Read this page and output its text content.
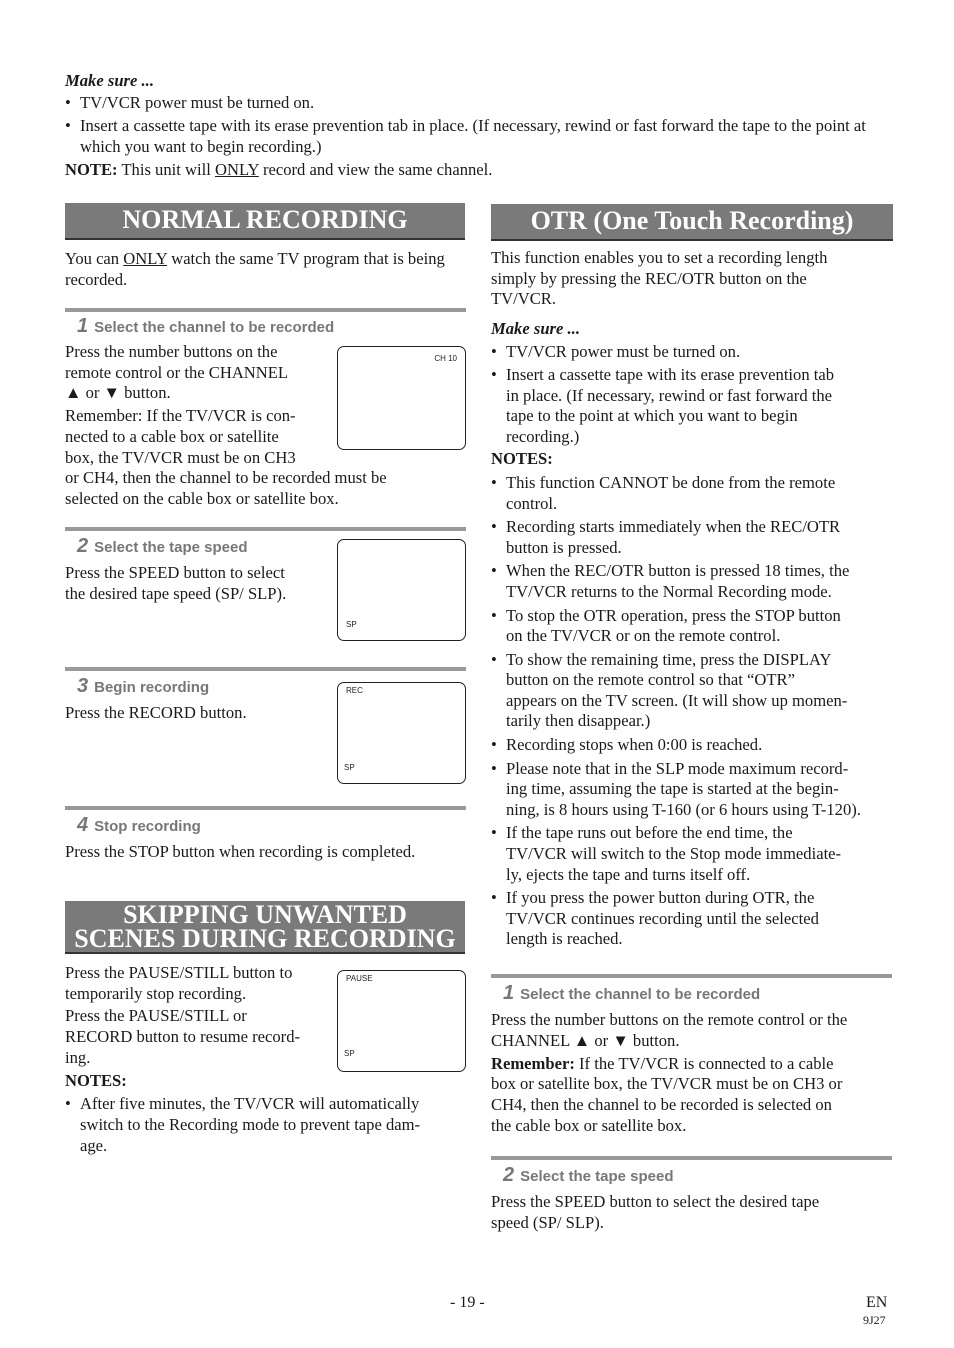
Make sure ...
• TV/VCR power must be turned on.
• Insert a cassette tape with its erase prevention tab in place. (If necessary, rewind or fast forward the tape to the point at which you want to begin recording.)
NOTE: This unit will ONLY record and view the same channel.
NORMAL RECORDING
You can ONLY watch the same TV program that is being recorded.
1 Select the channel to be recorded
Press the number buttons on the
remote control or the CHANNEL
▲ or ▼ button.
Remember: If the TV/VCR is con-
nected to a cable box or satellite
box, the TV/VCR must be on CH3
or CH4, then the channel to be recorded must be
selected on the cable box or satellite box.
CH 10
2 Select the tape speed
Press the SPEED button to select
the desired tape speed (SP/ SLP).
SP
3 Begin recording
Press the RECORD button.
REC
SP
4 Stop recording
Press the STOP button when recording is completed.
SKIPPING UNWANTED
SCENES DURING RECORDING
Press the PAUSE/STILL button to
temporarily stop recording.
Press the PAUSE/STILL or
RECORD button to resume record-
ing.
NOTES:
• After five minutes, the TV/VCR will automatically
switch to the Recording mode to prevent tape dam-
age.
PAUSE
SP
OTR (One Touch Recording)
This function enables you to set a recording length
simply by pressing the REC/OTR button on the
TV/VCR.
Make sure ...
• TV/VCR power must be turned on.
• Insert a cassette tape with its erase prevention tab
in place. (If necessary, rewind or fast forward the
tape to the point at which you want to begin
recording.)
NOTES:
• This function CANNOT be done from the remote
control.
• Recording starts immediately when the REC/OTR
button is pressed.
• When the REC/OTR button is pressed 18 times, the
TV/VCR returns to the Normal Recording mode.
• To stop the OTR operation, press the STOP button
on the TV/VCR or on the remote control.
• To show the remaining time, press the DISPLAY
button on the remote control so that “OTR”
appears on the TV screen. (It will show up momen-
tarily then disappear.)
• Recording stops when 0:00 is reached.
• Please note that in the SLP mode maximum record-
ing time, assuming the tape is started at the begin-
ning, is 8 hours using T-160 (or 6 hours using T-120).
• If the tape runs out before the end time, the
TV/VCR will switch to the Stop mode immediate-
ly, ejects the tape and turns itself off.
• If you press the power button during OTR, the
TV/VCR continues recording until the selected
length is reached.
1 Select the channel to be recorded
Press the number buttons on the remote control or the
CHANNEL ▲ or ▼ button.
Remember: If the TV/VCR is connected to a cable
box or satellite box, the TV/VCR must be on CH3 or
CH4, then the channel to be recorded is selected on
the cable box or satellite box.
2 Select the tape speed
Press the SPEED button to select the desired tape
speed (SP/ SLP).
- 19 -	EN
9J27
